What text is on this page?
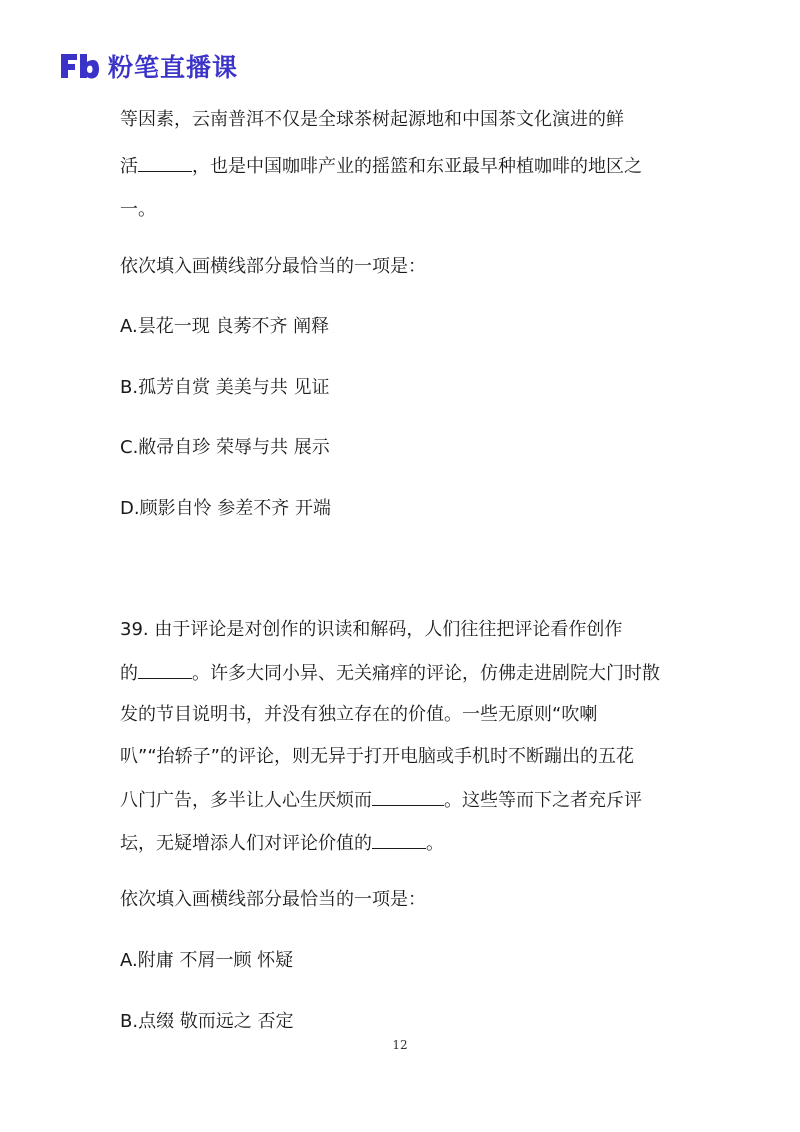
粉笔直播课
等因素，云南普洱不仅是全球茶树起源地和中国茶文化演进的鲜
活	，也是中国咖啡产业的摇篮和东亚最早种植咖啡的地区之
一。
依次填入画横线部分最恰当的一项是：
A.昙花一现 良莠不齐 阐释
B.孤芳自赏 美美与共 见证
C.敝帚自珍 荣辱与共 展示
D.顾影自怜 参差不齐 开端
39. 由于评论是对创作的识读和解码，人们往往把评论看作创作
的	。许多大同小异、无关痛痒的评论，仿佛走进剧院大门时散
发的节目说明书，并没有独立存在的价值。一些无原则“吹喇
叭”“抬轿子”的评论，则无异于打开电脑或手机时不断蹦出的五花
八门广告，多半让人心生厌烦而	。这些等而下之者充斥评
坛，无疑增添人们对评论价值的	。
依次填入画横线部分最恰当的一项是：
A.附庸 不屑一顾 怀疑
B.点缀 敬而远之 否定
12
